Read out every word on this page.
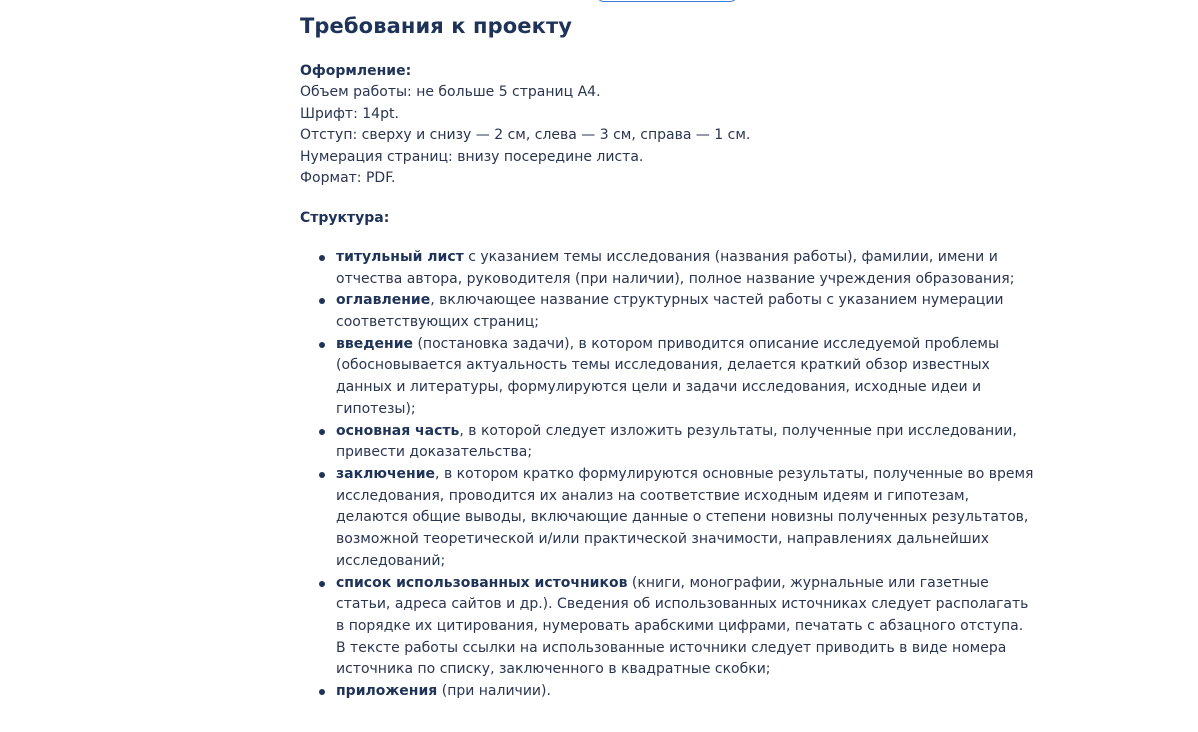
Требования к проекту
Оформление:

Объем работы: не больше 5 страниц А4.

Шрифт: 14pt.

Отступ: сверху и снизу — 2 см, слева — 3 см, справа — 1 см.

Нумерация страниц: внизу посередине листа.

Формат: PDF.

Структура:
титульный лист с указанием темы исследования (названия работы), фамилии, имени и отчества автора, руководителя (при наличии), полное название учреждения образования;
оглавление, включающее название структурных частей работы с указанием нумерации соответствующих страниц;
введение (постановка задачи), в котором приводится описание исследуемой проблемы (обосновывается актуальность темы исследования, делается краткий обзор известных данных и литературы, формулируются цели и задачи исследования, исходные идеи и гипотезы);
основная часть, в которой следует изложить результаты, полученные при исследовании, привести доказательства;
заключение, в котором кратко формулируются основные результаты, полученные во время исследования, проводится их анализ на соответствие исходным идеям и гипотезам, делаются общие выводы, включающие данные о степени новизны полученных результатов, возможной теоретической и/или практической значимости, направлениях дальнейших исследований;
список использованных источников (книги, монографии, журнальные или газетные статьи, адреса сайтов и др.). Сведения об использованных источниках следует располагать в порядке их цитирования, нумеровать арабскими цифрами, печатать с абзацного отступа. В тексте работы ссылки на использованные источники следует приводить в виде номера источника по списку, заключенного в квадратные скобки;
приложения (при наличии).
